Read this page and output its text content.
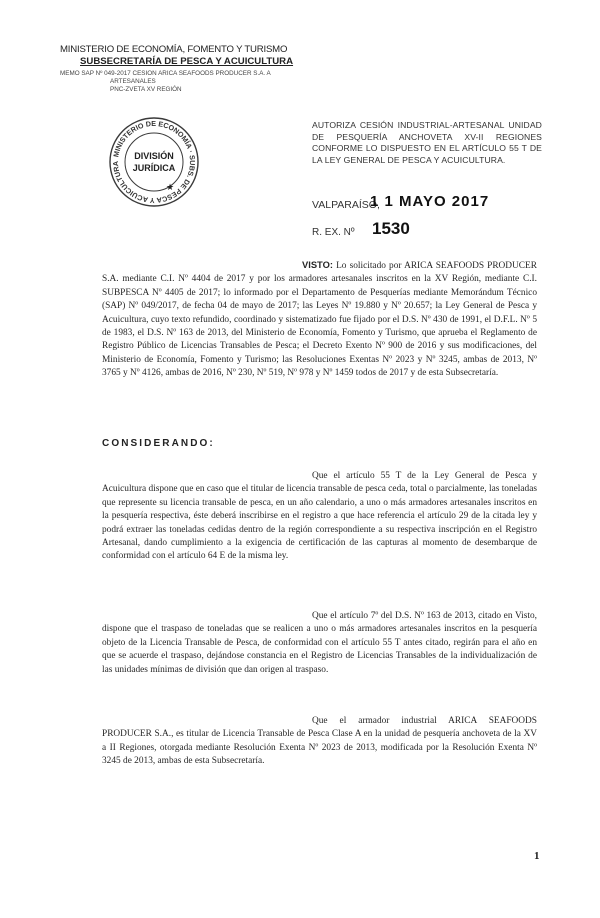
MINISTERIO DE ECONOMÍA, FOMENTO Y TURISMO
SUBSECRETARÍA DE PESCA Y ACUICULTURA
MEMO SAP Nº 049-2017 CESION ARICA SEAFOODS PRODUCER S.A. A
ARTESANALES
PNC-ZVETA XV REGIÓN
MINISTERIO DE ECONOMÍA · SUBS. DE PESCA Y ACUICULTURA
DIVISIÓN
JURÍDICA
★
AUTORIZA CESIÓN INDUSTRIAL-ARTESANAL UNIDAD DE PESQUERÍA ANCHOVETA XV-II REGIONES CONFORME LO DISPUESTO EN EL ARTÍCULO 55 T DE LA LEY GENERAL DE PESCA Y ACUICULTURA.
VALPARAÍSO,
1 1 MAYO 2017
R. EX. Nº 1530
VISTO: Lo solicitado por ARICA SEAFOODS PRODUCER S.A. mediante C.I. Nº 4404 de 2017 y por los armadores artesanales inscritos en la XV Región, mediante C.I. SUBPESCA Nº 4405 de 2017; lo informado por el Departamento de Pesquerías mediante Memorándum Técnico (SAP) Nº 049/2017, de fecha 04 de mayo de 2017; las Leyes Nº 19.880 y Nº 20.657; la Ley General de Pesca y Acuicultura, cuyo texto refundido, coordinado y sistematizado fue fijado por el D.S. Nº 430 de 1991, el D.F.L. Nº 5 de 1983, el D.S. Nº 163 de 2013, del Ministerio de Economía, Fomento y Turismo, que aprueba el Reglamento de Registro Público de Licencias Transables de Pesca; el Decreto Exento Nº 900 de 2016 y sus modificaciones, del Ministerio de Economía, Fomento y Turismo; las Resoluciones Exentas Nº 2023 y Nº 3245, ambas de 2013, Nº 3765 y Nº 4126, ambas de 2016, Nº 230, Nº 519, Nº 978 y Nº 1459 todos de 2017 y de esta Subsecretaría.
CONSIDERANDO:
Que el artículo 55 T de la Ley General de Pesca y Acuicultura dispone que en caso que el titular de licencia transable de pesca ceda, total o parcialmente, las toneladas que represente su licencia transable de pesca, en un año calendario, a uno o más armadores artesanales inscritos en la pesquería respectiva, éste deberá inscribirse en el registro a que hace referencia el artículo 29 de la citada ley y podrá extraer las toneladas cedidas dentro de la región correspondiente a su respectiva inscripción en el Registro Artesanal, dando cumplimiento a la exigencia de certificación de las capturas al momento de desembarque de conformidad con el artículo 64 E de la misma ley.
Que el artículo 7º del D.S. Nº 163 de 2013, citado en Visto, dispone que el traspaso de toneladas que se realicen a uno o más armadores artesanales inscritos en la pesquería objeto de la Licencia Transable de Pesca, de conformidad con el artículo 55 T antes citado, regirán para el año en que se acuerde el traspaso, dejándose constancia en el Registro de Licencias Transables de la individualización de las unidades mínimas de división que dan origen al traspaso.
Que el armador industrial ARICA SEAFOODS PRODUCER S.A., es titular de Licencia Transable de Pesca Clase A en la unidad de pesquería anchoveta de la XV a II Regiones, otorgada mediante Resolución Exenta Nº 2023 de 2013, modificada por la Resolución Exenta Nº 3245 de 2013, ambas de esta Subsecretaría.
1
